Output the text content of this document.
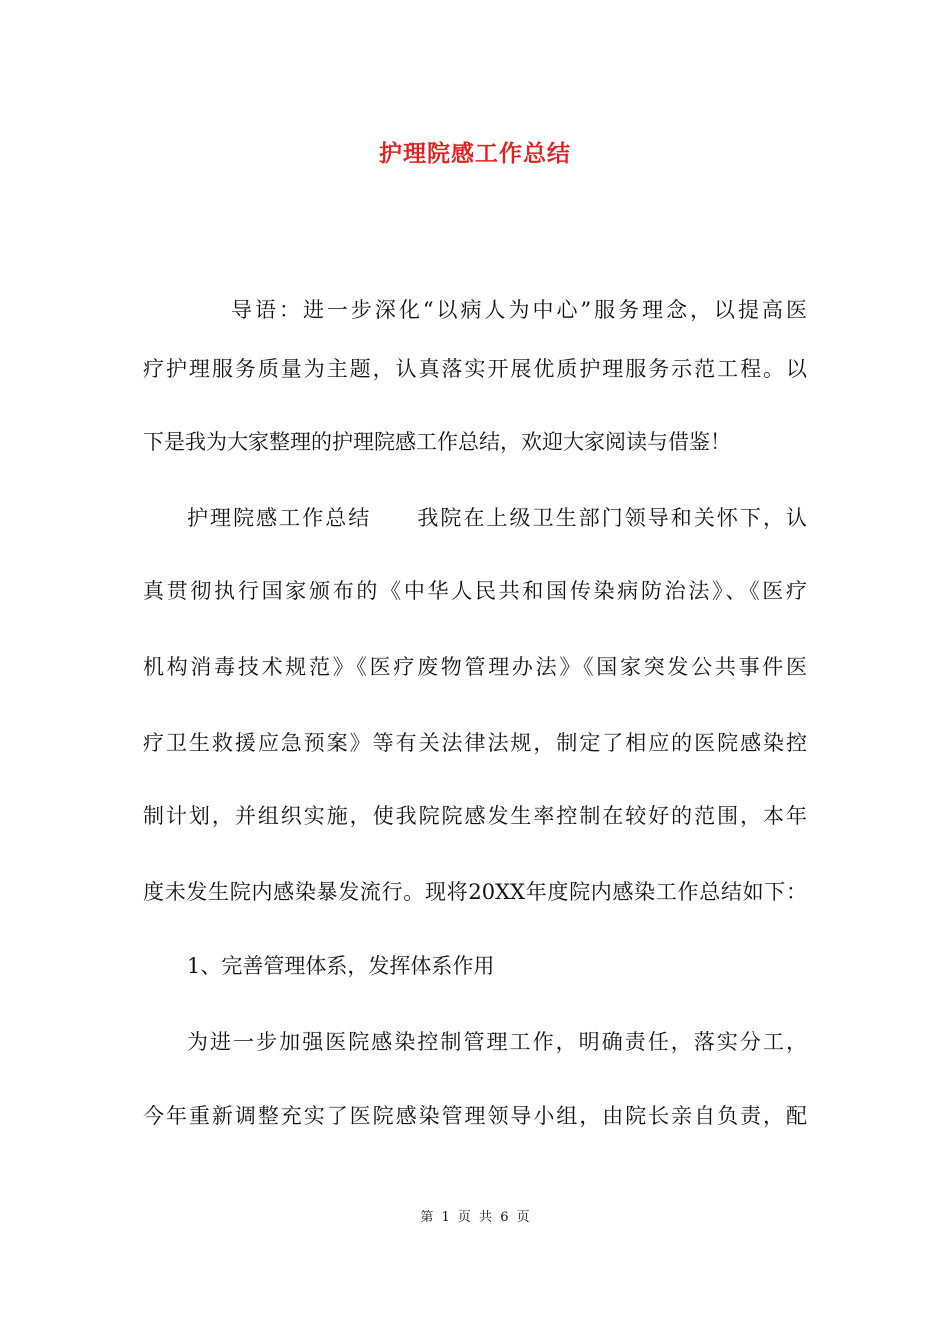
护理院感工作总结
导语：进一步深化“以病人为中心”服务理念，以提高医
疗护理服务质量为主题，认真落实开展优质护理服务示范工程。以
下是我为大家整理的护理院感工作总结，欢迎大家阅读与借鉴！
护理院感工作总结　　我院在上级卫生部门领导和关怀下，认
真贯彻执行国家颁布的《中华人民共和国传染病防治法》、《医疗
机构消毒技术规范》《医疗废物管理办法》《国家突发公共事件医
疗卫生救援应急预案》等有关法律法规，制定了相应的医院感染控
制计划，并组织实施，使我院院感发生率控制在较好的范围，本年
度未发生院内感染暴发流行。现将20XX年度院内感染工作总结如下：
1、完善管理体系，发挥体系作用
为进一步加强医院感染控制管理工作，明确责任，落实分工，
今年重新调整充实了医院感染管理领导小组，由院长亲自负责，配
第 1 页 共 6 页
